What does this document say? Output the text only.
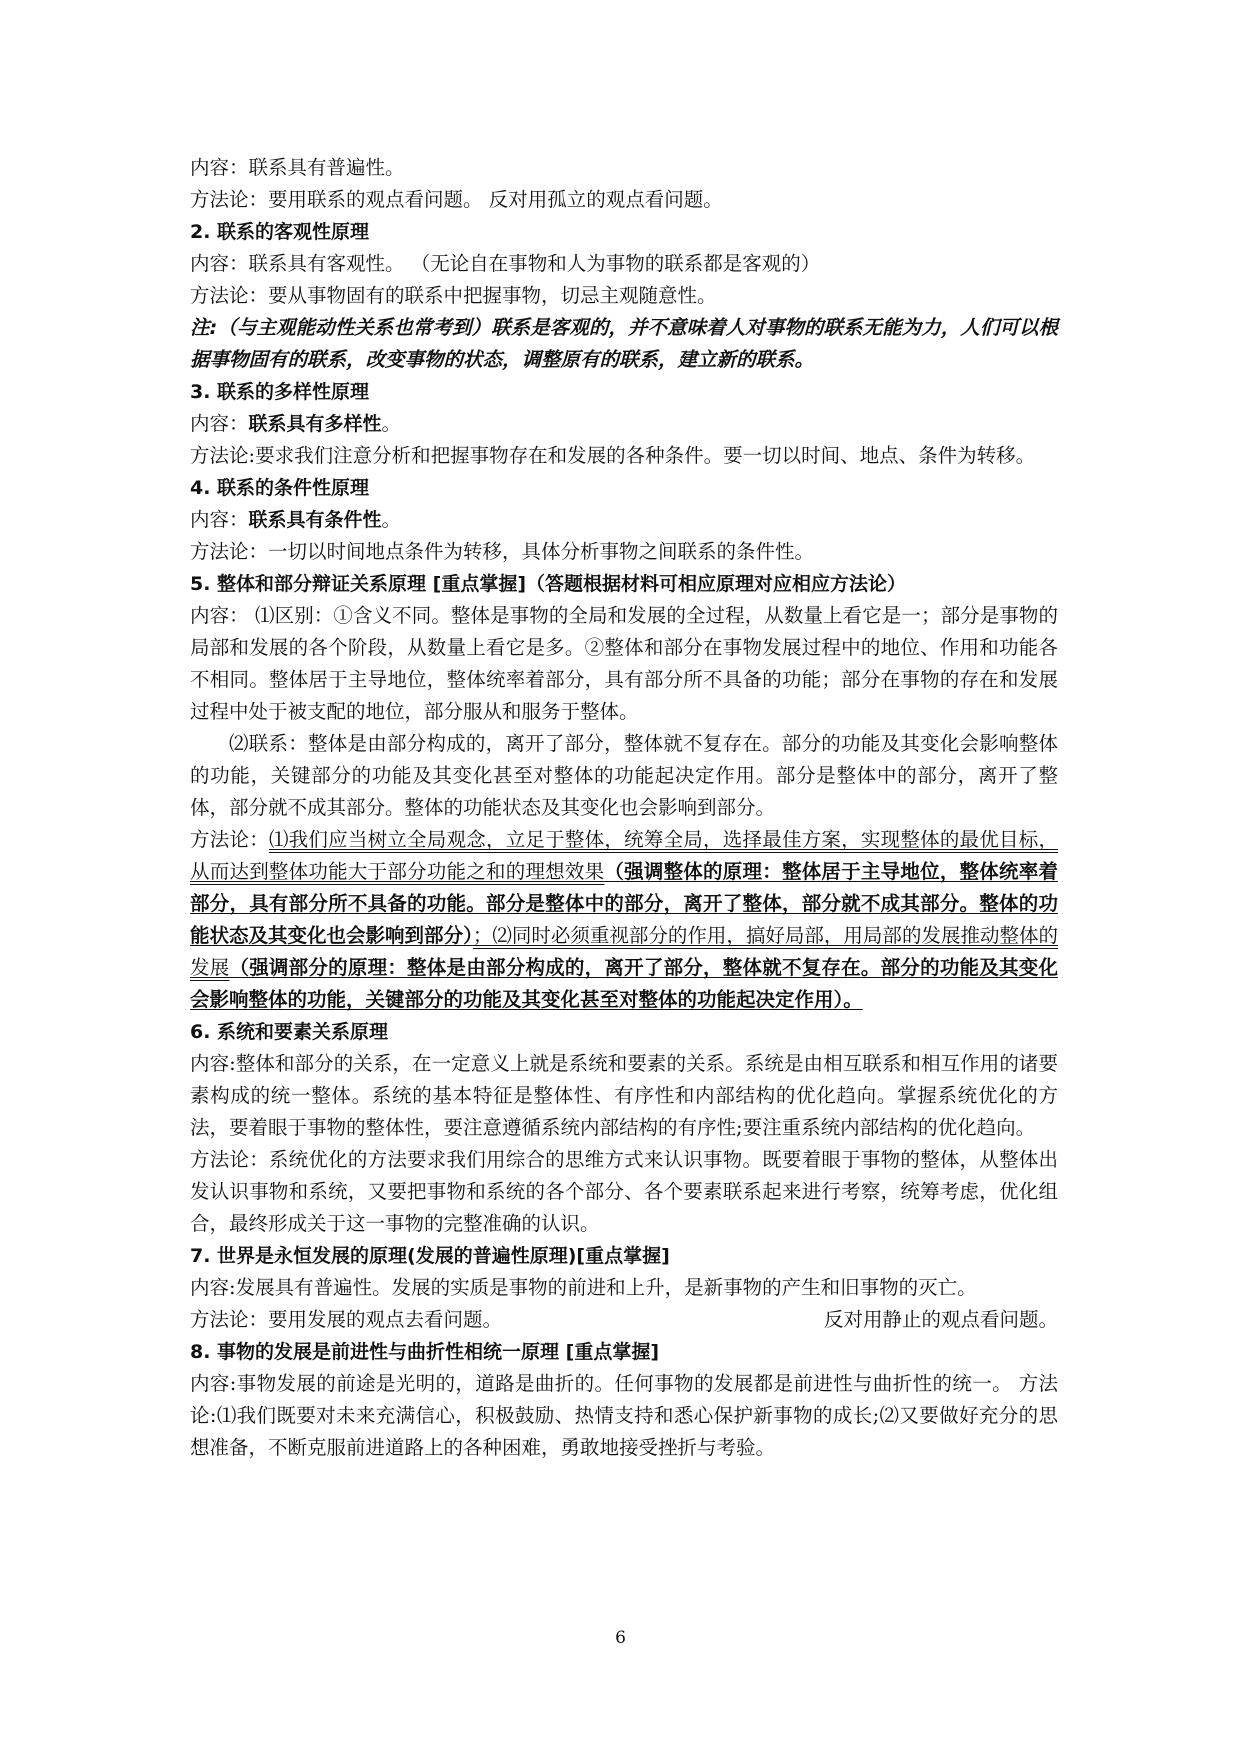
内容：联系具有普遍性。
方法论：要用联系的观点看问题。 反对用孤立的观点看问题。
2. 联系的客观性原理
内容：联系具有客观性。 （无论自在事物和人为事物的联系都是客观的）
方法论：要从事物固有的联系中把握事物，切忌主观随意性。
注:（与主观能动性关系也常考到）联系是客观的，并不意味着人对事物的联系无能为力，人们可以根据事物固有的联系，改变事物的状态，调整原有的联系，建立新的联系。
3. 联系的多样性原理
内容：联系具有多样性。
方法论:要求我们注意分析和把握事物存在和发展的各种条件。要一切以时间、地点、条件为转移。
4. 联系的条件性原理
内容：联系具有条件性。
方法论：一切以时间地点条件为转移，具体分析事物之间联系的条件性。
5. 整体和部分辩证关系原理 [重点掌握]（答题根据材料可相应原理对应相应方法论）
内容： ⑴区别：①含义不同。整体是事物的全局和发展的全过程，从数量上看它是一；部分是事物的局部和发展的各个阶段，从数量上看它是多。②整体和部分在事物发展过程中的地位、作用和功能各不相同。整体居于主导地位，整体统率着部分，具有部分所不具备的功能；部分在事物的存在和发展过程中处于被支配的地位，部分服从和服务于整体。
⑵联系：整体是由部分构成的，离开了部分，整体就不复存在。部分的功能及其变化会影响整体的功能，关键部分的功能及其变化甚至对整体的功能起决定作用。部分是整体中的部分，离开了整体，部分就不成其部分。整体的功能状态及其变化也会影响到部分。
方法论：⑴我们应当树立全局观念，立足于整体，统筹全局，选择最佳方案，实现整体的最优目标，从而达到整体功能大于部分功能之和的理想效果（强调整体的原理：整体居于主导地位，整体统率着部分，具有部分所不具备的功能。部分是整体中的部分，离开了整体，部分就不成其部分。整体的功能状态及其变化也会影响到部分）；⑵同时必须重视部分的作用，搞好局部，用局部的发展推动整体的发展（强调部分的原理：整体是由部分构成的，离开了部分，整体就不复存在。部分的功能及其变化会影响整体的功能，关键部分的功能及其变化甚至对整体的功能起决定作用）。
6. 系统和要素关系原理
内容:整体和部分的关系，在一定意义上就是系统和要素的关系。系统是由相互联系和相互作用的诸要素构成的统一整体。系统的基本特征是整体性、有序性和内部结构的优化趋向。掌握系统优化的方法，要着眼于事物的整体性，要注意遵循系统内部结构的有序性;要注重系统内部结构的优化趋向。
方法论：系统优化的方法要求我们用综合的思维方式来认识事物。既要着眼于事物的整体，从整体出发认识事物和系统，又要把事物和系统的各个部分、各个要素联系起来进行考察，统筹考虑，优化组合，最终形成关于这一事物的完整准确的认识。
7. 世界是永恒发展的原理(发展的普遍性原理)[重点掌握]
内容:发展具有普遍性。发展的实质是事物的前进和上升，是新事物的产生和旧事物的灭亡。
方法论：要用发展的观点去看问题。	反对用静止的观点看问题。
8. 事物的发展是前进性与曲折性相统一原理 [重点掌握]
内容:事物发展的前途是光明的，道路是曲折的。任何事物的发展都是前进性与曲折性的统一。 方法论:⑴我们既要对未来充满信心，积极鼓励、热情支持和悉心保护新事物的成长;⑵又要做好充分的思想准备，不断克服前进道路上的各种困难，勇敢地接受挫折与考验。
6
